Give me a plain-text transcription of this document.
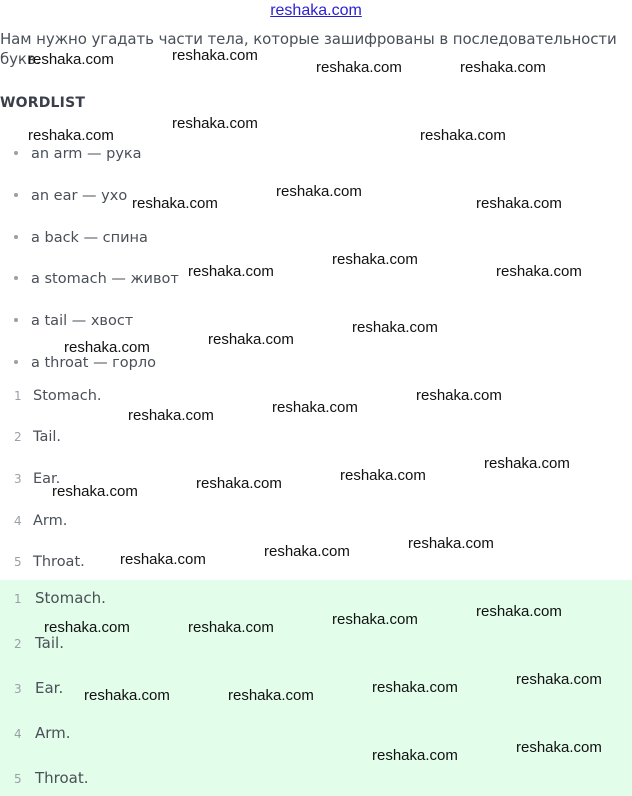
reshaka.com
Нам нужно угадать части тела, которые зашифрованы в последовательности букв.
WORDLIST
an arm — рука
an ear — ухо
a back — спина
a stomach — живот
a tail — хвост
a throat — горло
1 Stomach.
2 Tail.
3 Ear.
4 Arm.
5 Throat.
1 Stomach.
2 Tail.
3 Ear.
4 Arm.
5 Throat.
reshaka.com	reshaka.com
reshaka.com	reshaka.com
reshaka.com
reshaka.com
reshaka.com
reshaka.com
reshaka.com	reshaka.com
reshaka.com
reshaka.com	reshaka.com
reshaka.com
reshaka.com
reshaka.com
reshaka.com
reshaka.com
reshaka.com
reshaka.com
reshaka.com
reshaka.com
reshaka.com
reshaka.com
reshaka.com
reshaka.com
reshaka.com
reshaka.com
reshaka.com
reshaka.com
reshaka.com
reshaka.com
reshaka.com
reshaka.com
reshaka.com
reshaka.com
